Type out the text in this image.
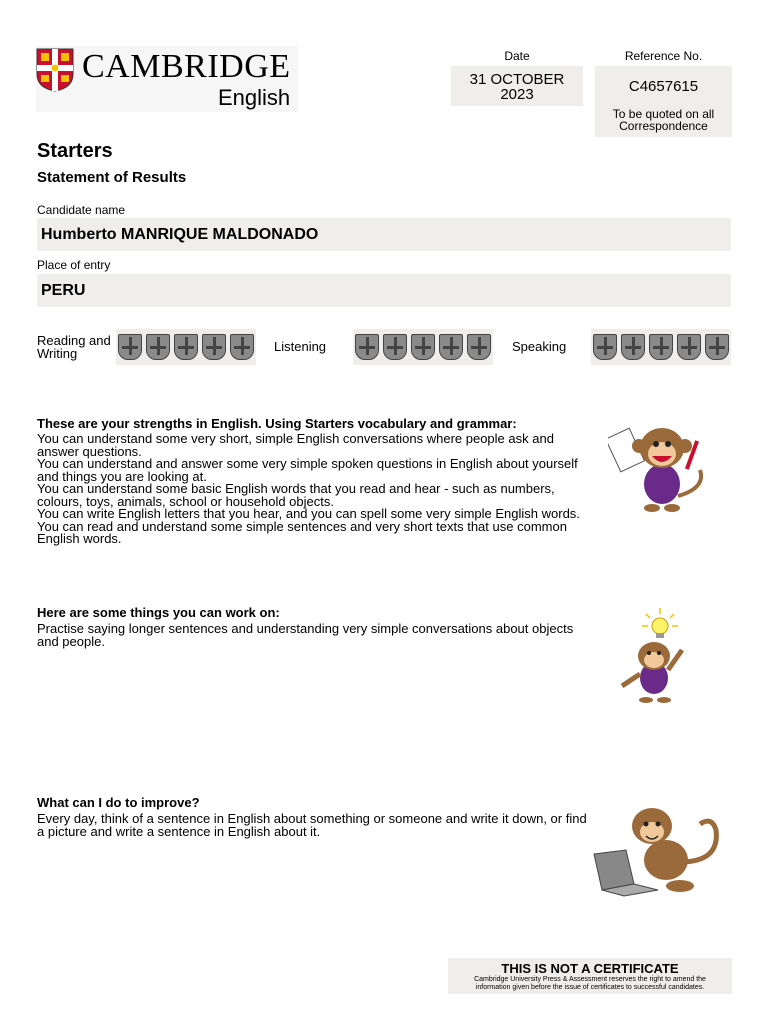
CAMBRIDGE
English
Date
31 OCTOBER 2023
Reference No.
C4657615
To be quoted on all Correspondence
Starters
Statement of Results
Candidate name
Humberto MANRIQUE MALDONADO
Place of entry
PERU
Reading and Writing	Listening	Speaking
These are your strengths in English. Using Starters vocabulary and grammar:

You can understand some very short, simple English conversations where people ask and answer questions.

You can understand and answer some very simple spoken questions in English about yourself and things you are looking at.

You can understand some basic English words that you read and hear - such as numbers, colours, toys, animals, school or household objects.

You can write English letters that you hear, and you can spell some very simple English words.

You can read and understand some simple sentences and very short texts that use common English words.

Here are some things you can work on:
Practise saying longer sentences and understanding very simple conversations about objects and people.
What can I do to improve?
Every day, think of a sentence in English about something or someone and write it down, or find a picture and write a sentence in English about it.
THIS IS NOT A CERTIFICATE
Cambridge University Press & Assessment reserves the right to amend the information given before the issue of certificates to successful candidates.
